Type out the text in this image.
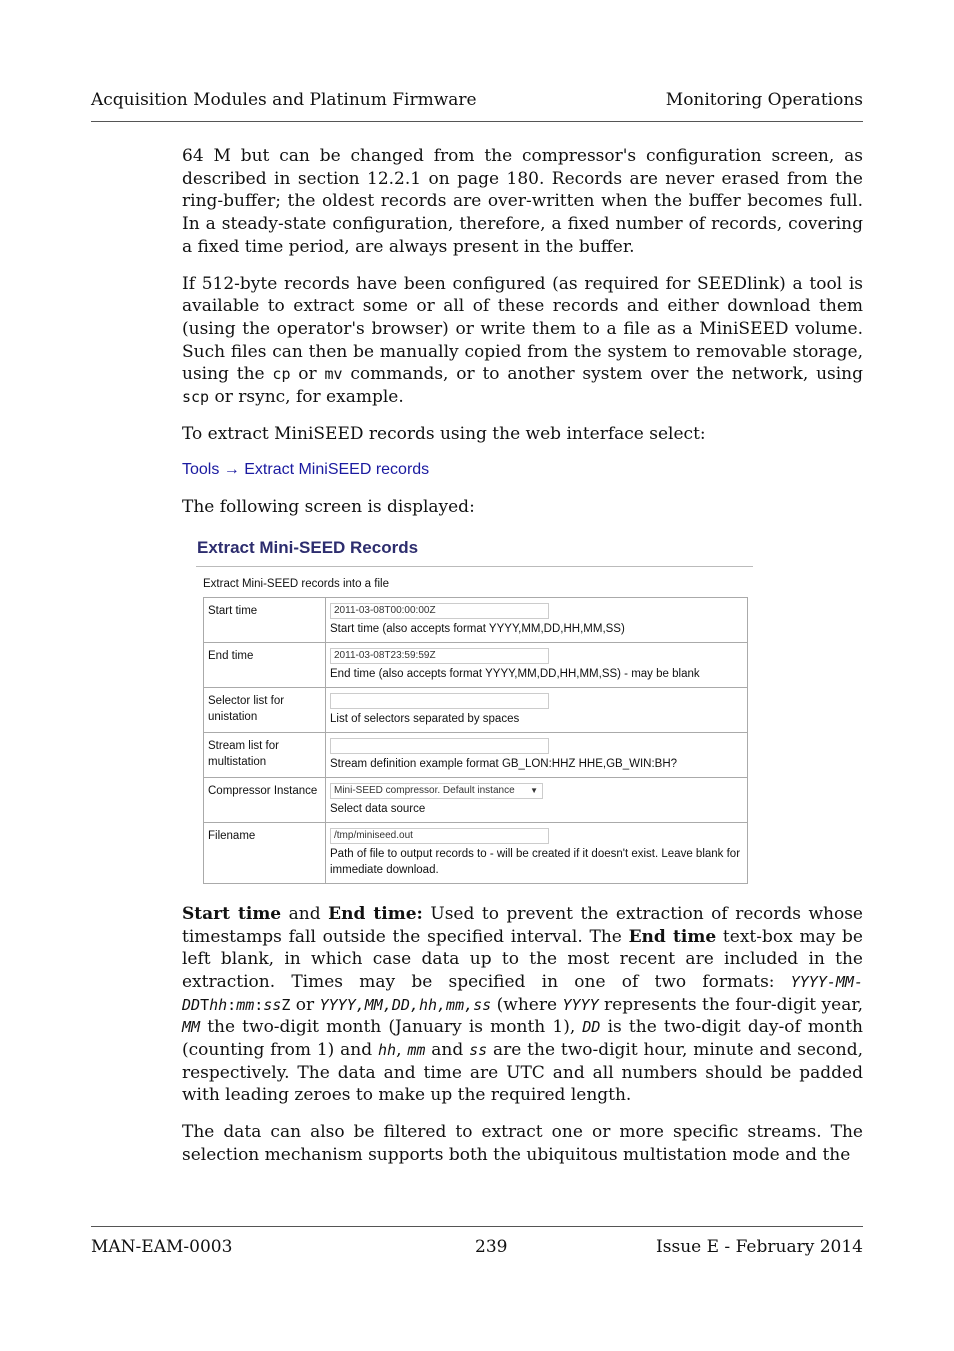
Acquisition Modules and Platinum Firmware	Monitoring Operations

64 M but can be changed from the compressor's configuration screen, as described in section 12.2.1 on page 180. Records are never erased from the ring-buffer; the oldest records are over-written when the buffer becomes full. In a steady-state configuration, therefore, a fixed number of records, covering a fixed time period, are always present in the buffer.

If 512-byte records have been configured (as required for SEEDlink) a tool is available to extract some or all of these records and either download them (using the operator's browser) or write them to a file as a MiniSEED volume. Such files can then be manually copied from the system to removable storage, using the cp or mv commands, or to another system over the network, using scp or rsync, for example.

To extract MiniSEED records using the web interface select:

Tools → Extract MiniSEED records

The following screen is displayed:

Extract Mini-SEED Records
Extract Mini-SEED records into a file
Start time	2011-03-08T00:00:00Z
Start time (also accepts format YYYY,MM,DD,HH,MM,SS)
End time	2011-03-08T23:59:59Z
End time (also accepts format YYYY,MM,DD,HH,MM,SS) - may be blank
Selector list for unistation	List of selectors separated by spaces
Stream list for multistation	Stream definition example format GB_LON:HHZ HHE,GB_WIN:BH?
Compressor Instance	Mini-SEED compressor. Default instance ▼
Select data source
Filename	/tmp/miniseed.out
Path of file to output records to - will be created if it doesn't exist. Leave blank for immediate download.

Start time and End time: Used to prevent the extraction of records whose timestamps fall outside the specified interval. The End time text-box may be left blank, in which case data up to the most recent are included in the extraction. Times may be specified in one of two formats: YYYY-MM-DDThh:mm:ssZ or YYYY,MM,DD,hh,mm,ss (where YYYY represents the four-digit year, MM the two-digit month (January is month 1), DD is the two-digit day-of month (counting from 1) and hh, mm and ss are the two-digit hour, minute and second, respectively. The data and time are UTC and all numbers should be padded with leading zeroes to make up the required length.

The data can also be filtered to extract one or more specific streams. The selection mechanism supports both the ubiquitous multistation mode and the

MAN-EAM-0003	239	Issue E - February 2014
